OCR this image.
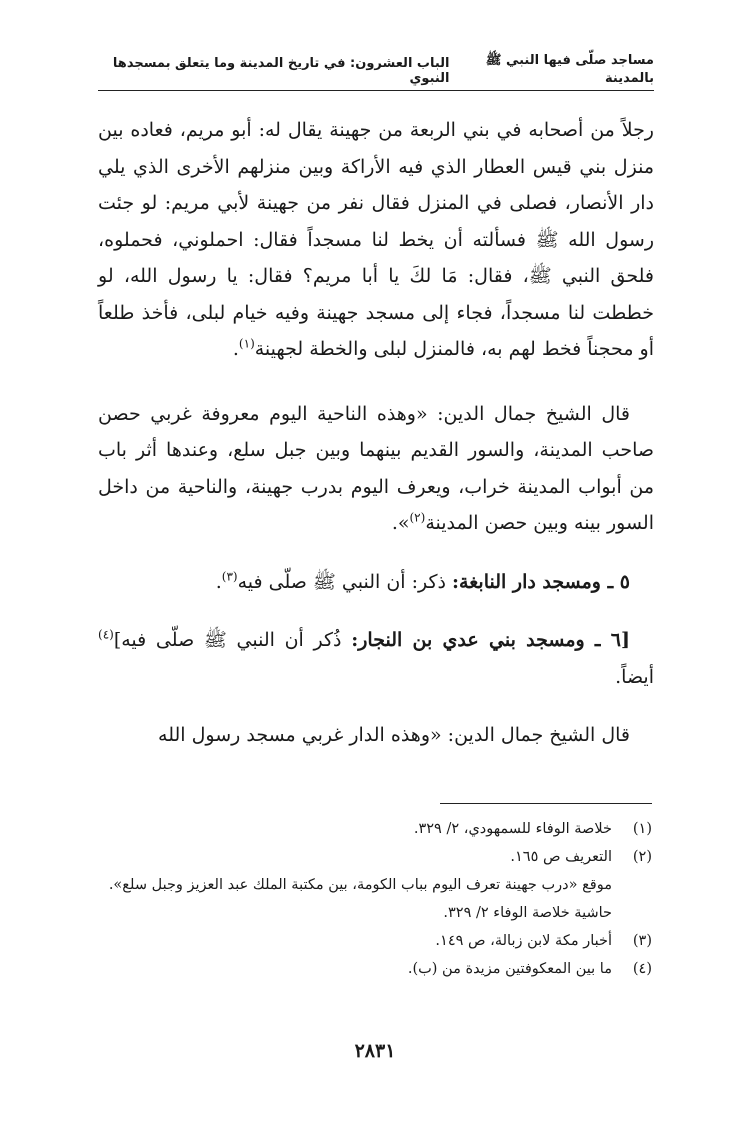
مساجد صلّى فيها النبي ﷺ بالمدينة
الباب العشرون: في تاريخ المدينة وما يتعلق بمسجدها النبوي

رجلاً من أصحابه في بني الربعة من جهينة يقال له: أبو مريم، فعاده بين منزل بني قيس العطار الذي فيه الأراكة وبين منزلهم الأخرى الذي يلي دار الأنصار، فصلى في المنزل فقال نفر من جهينة لأبي مريم: لو جئت رسول الله ﷺ فسألته أن يخط لنا مسجداً فقال: احملوني، فحملوه، فلحق النبي ﷺ، فقال: مَا لكَ يا أبا مريم؟ فقال: يا رسول الله، لو خططت لنا مسجداً، فجاء إلى مسجد جهينة وفيه خيام لبلى، فأخذ طلعاً أو محجناً فخط لهم به، فالمنزل لبلى والخطة لجهينة$^{(١)}$.

قال الشيخ جمال الدين: «وهذه الناحية اليوم معروفة غربي حصن صاحب المدينة، والسور القديم بينهما وبين جبل سلع، وعندها أثر باب من أبواب المدينة خراب، ويعرف اليوم بدرب جهينة، والناحية من داخل السور بينه وبين حصن المدينة$^{(٢)}$».

٥ ـ ومسجد دار النابغة: ذكر: أن النبي ﷺ صلّى فيه$^{(٣)}$.

[٦ ـ ومسجد بني عدي بن النجار: ذُكر أن النبي ﷺ صلّى فيه]$^{(٤)}$ أيضاً.

قال الشيخ جمال الدين: «وهذه الدار غربي مسجد رسول الله

(١)
خلاصة الوفاء للسمهودي، ٢/ ٣٢٩.
(٢)
التعريف ص ١٦٥.
موقع «درب جهينة تعرف اليوم بباب الكومة، بين مكتبة الملك عبد العزيز وجبل سلع».
حاشية خلاصة الوفاء ٢/ ٣٢٩.
(٣)
أخبار مكة لابن زبالة، ص ١٤٩.
(٤)
ما بين المعكوفتين مزيدة من (ب).
٢٨٣١
